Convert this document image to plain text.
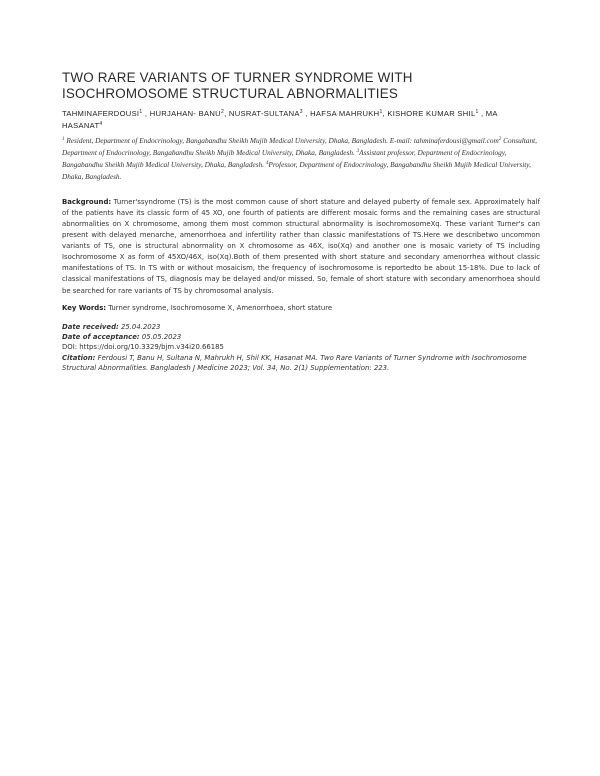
TWO RARE VARIANTS OF TURNER SYNDROME WITH ISOCHROMOSOME STRUCTURAL ABNORMALITIES
TAHMINAFERDOUSI$^1$ , HURJAHAN- BANU$^2$, NUSRAT-SULTANA$^3$ , HAFSA MAHRUKH$^1$, KISHORE KUMAR SHIL$^1$ , MA HASANAT$^4$
$^1$ Resident, Department of Endocrinology, Bangabandhu Sheikh Mujib Medical University, Dhaka, Bangladesh. E-mail: tahminaferdousi@gmail.com$^2$ Consultant, Department of Endocrinology, Bangabandhu Sheikh Mujib Medical University, Dhaka, Bangladesh. $^3$Assistant professor, Department of Endocrinology, Bangabandhu Sheikh Mujib Medical University, Dhaka, Bangladesh. $^4$Professor, Department of Endocrinology, Bangabandhu Sheikh Mujib Medical University, Dhaka, Bangladesh.
Background: Turner'ssyndrome (TS) is the most common cause of short stature and delayed puberty of female sex. Approximately half of the patients have its classic form of 45 XO, one fourth of patients are different mosaic forms and the remaining cases are structural abnormalities on X chromosome, among them most common structural abnormality is isochromosomeXq. These variant Turner's can present with delayed menarche, amenorrhoea and infertility rather than classic manifestations of TS.Here we describetwo uncommon variants of TS, one is structural abnormality on X chromosome as 46X, iso(Xq) and another one is mosaic variety of TS including Isochromosome X as form of 45XO/46X, iso(Xq).Both of them presented with short stature and secondary amenorrhea without classic manifestations of TS. In TS with or without mosaicism, the frequency of isochromosome is reportedto be about 15-18%. Due to lack of classical manifestations of TS, diagnosis may be delayed and/or missed. So, female of short stature with secondary amenorrhoea should be searched for rare variants of TS by chromosomal analysis.
Key Words: Turner syndrome, Isochromosome X, Amenorrhoea, short stature
Date received: 25.04.2023
Date of acceptance: 05.05.2023
DOI: https://doi.org/10.3329/bjm.v34i20.66185
Citation: Ferdousi T, Banu H, Sultana N, Mahrukh H, Shil KK, Hasanat MA. Two Rare Variants of Turner Syndrome with Isochromosome Structural Abnormalities. Bangladesh J Medicine 2023; Vol. 34, No. 2(1) Supplementation: 223.
